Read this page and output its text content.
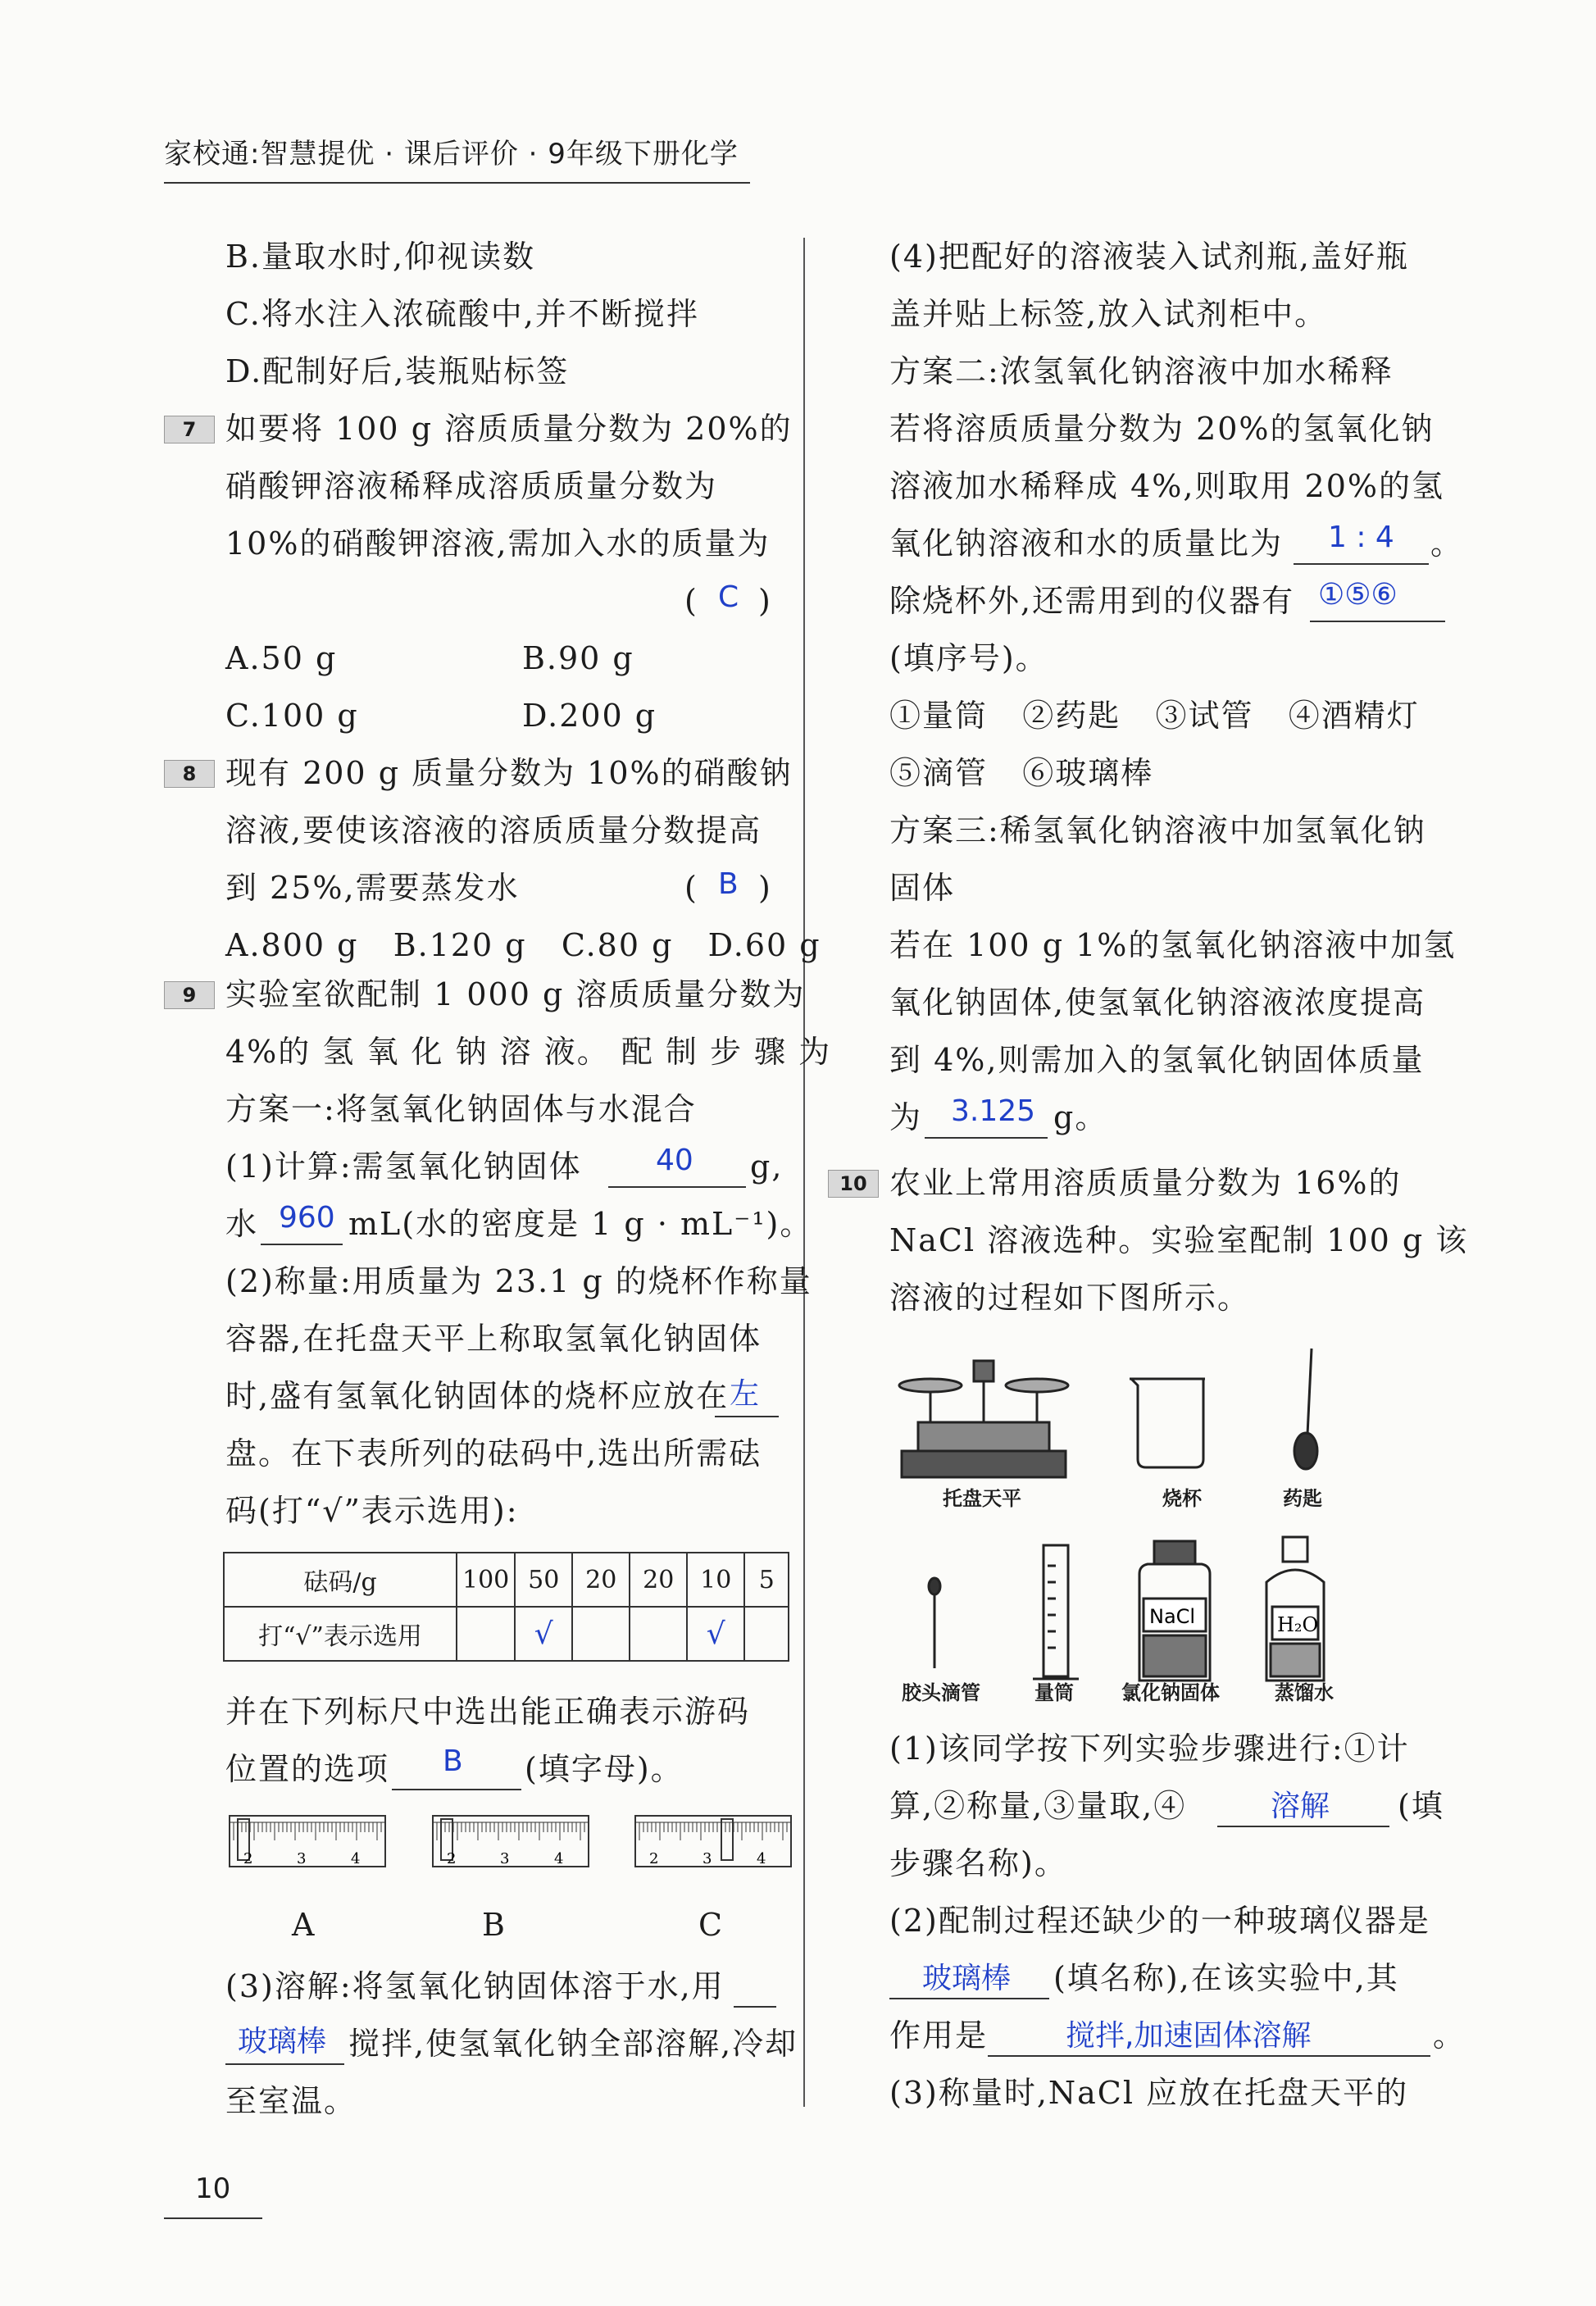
家校通:智慧提优 · 课后评价 · 9年级下册化学
B.量取水时,仰视读数
C.将水注入浓硫酸中,并不断搅拌
D.配制好后,装瓶贴标签
7 如要将 100 g 溶质质量分数为 20%的
硝酸钾溶液稀释成溶质质量分数为
10%的硝酸钾溶液,需加入水的质量为
( C )
A.50 g	B.90 g
C.100 g	D.200 g
8 现有 200 g 质量分数为 10%的硝酸钠
溶液,要使该溶液的溶质质量分数提高
到 25%,需要蒸发水	( B )
A.800 g   B.120 g   C.80 g   D.60 g
9 实验室欲配制 1 000 g 溶质质量分数为
4%的 氢 氧 化 钠 溶 液。 配 制 步 骤 为
方案一:将氢氧化钠固体与水混合
(1)计算:需氢氧化钠固体	40 g,
水 960 mL(水的密度是 1 g · mL⁻¹)。
(2)称量:用质量为 23.1 g 的烧杯作称量
容器,在托盘天平上称取氢氧化钠固体
时,盛有氢氧化钠固体的烧杯应放在 左
盘。在下表所列的砝码中,选出所需砝
码(打“√”表示选用):
砝码/g	100	50	20	20	10	5
打“√”表示选用		√			√	
并在下列标尺中选出能正确表示游码
位置的选项 B (填字母)。
2	3	4	2	3	4	2	3	4
A	B	C
(3)溶解:将氢氧化钠固体溶于水,用
玻璃棒 搅拌,使氢氧化钠全部溶解,冷却
至室温。
(4)把配好的溶液装入试剂瓶,盖好瓶
盖并贴上标签,放入试剂柜中。
方案二:浓氢氧化钠溶液中加水稀释
若将溶质质量分数为 20%的氢氧化钠
溶液加水稀释成 4%,则取用 20%的氢
氧化钠溶液和水的质量比为 1 : 4 。
除烧杯外,还需用到的仪器有 ①⑤⑥
(填序号)。
①量筒   ②药匙   ③试管   ④酒精灯
⑤滴管   ⑥玻璃棒
方案三:稀氢氧化钠溶液中加氢氧化钠
固体
若在 100 g 1%的氢氧化钠溶液中加氢
氧化钠固体,使氢氧化钠溶液浓度提高
到 4%,则需加入的氢氧化钠固体质量
为 3.125 g。
10 农业上常用溶质质量分数为 16%的
NaCl 溶液选种。实验室配制 100 g 该
溶液的过程如下图所示。
NaCl	H₂O
托盘天平	烧杯	药匙
胶头滴管	量筒 氯化钠固体	蒸馏水
(1)该同学按下列实验步骤进行:①计
算,②称量,③量取,④	溶解 (填
步骤名称)。
(2)配制过程还缺少的一种玻璃仪器是
玻璃棒 (填名称),在该实验中,其
作用是	搅拌,加速固体溶解	。
(3)称量时,NaCl 应放在托盘天平的
10
